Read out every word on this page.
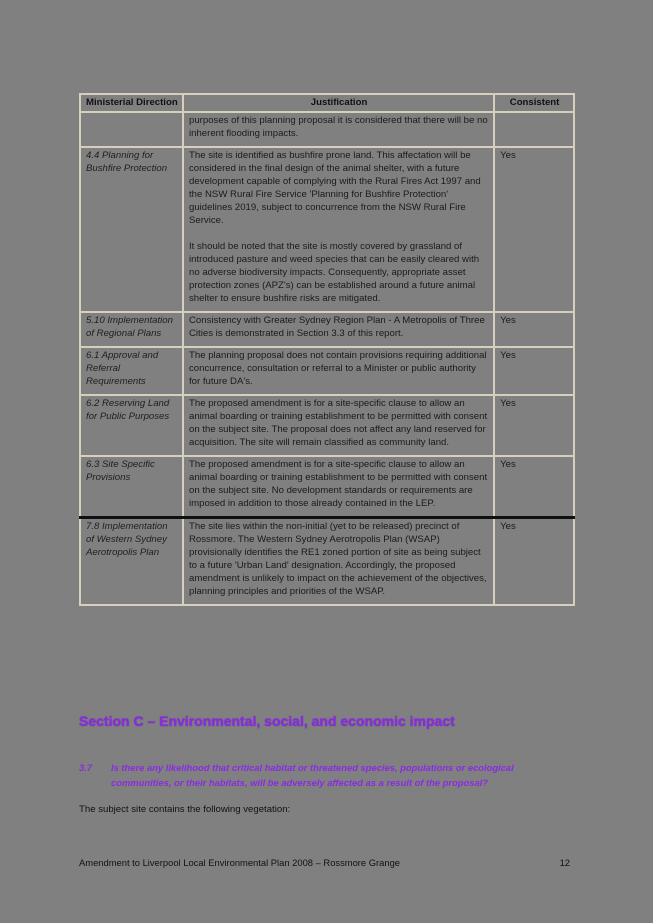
Ministerial Direction	Justification	Consistent

	purposes of this planning proposal it is considered that there will be no inherent flooding impacts.	

4.4 Planning for Bushfire Protection	The site is identified as bushfire prone land. This affectation will be considered in the final design of the animal shelter, with a future development capable of complying with the Rural Fires Act 1997 and the NSW Rural Fire Service 'Planning for Bushfire Protection' guidelines 2019, subject to concurrence from the NSW Rural Fire Service.

It should be noted that the site is mostly covered by grassland of introduced pasture and weed species that can be easily cleared with no adverse biodiversity impacts. Consequently, appropriate asset protection zones (APZ's) can be established around a future animal shelter to ensure bushfire risks are mitigated.	Yes
5.10 Implementation of Regional Plans	Consistency with Greater Sydney Region Plan - A Metropolis of Three Cities is demonstrated in Section 3.3 of this report.	Yes
6.1 Approval and Referral Requirements	The planning proposal does not contain provisions requiring additional concurrence, consultation or referral to a Minister or public authority for future DA's.	Yes
6.2 Reserving Land for Public Purposes	The proposed amendment is for a site-specific clause to allow an animal boarding or training establishment to be permitted with consent on the subject site. The proposal does not affect any land reserved for acquisition. The site will remain classified as community land.	Yes
6.3 Site Specific Provisions	The proposed amendment is for a site-specific clause to allow an animal boarding or training establishment to be permitted with consent on the subject site. No development standards or requirements are imposed in addition to those already contained in the LEP.	Yes
7.8 Implementation of Western Sydney Aerotropolis Plan	The site lies within the non-initial (yet to be released) precinct of Rossmore. The Western Sydney Aerotropolis Plan (WSAP) provisionally identifies the RE1 zoned portion of site as being subject to a future 'Urban Land' designation. Accordingly, the proposed amendment is unlikely to impact on the achievement of the objectives, planning principles and priorities of the WSAP.	Yes
Section C – Environmental, social, and economic impact
3.7	Is there any likelihood that critical habitat or threatened species, populations or ecological communities, or their habitats, will be adversely affected as a result of the proposal?

The subject site contains the following vegetation:

Amendment to Liverpool Local Environmental Plan 2008 – Rossmore Grange	12
